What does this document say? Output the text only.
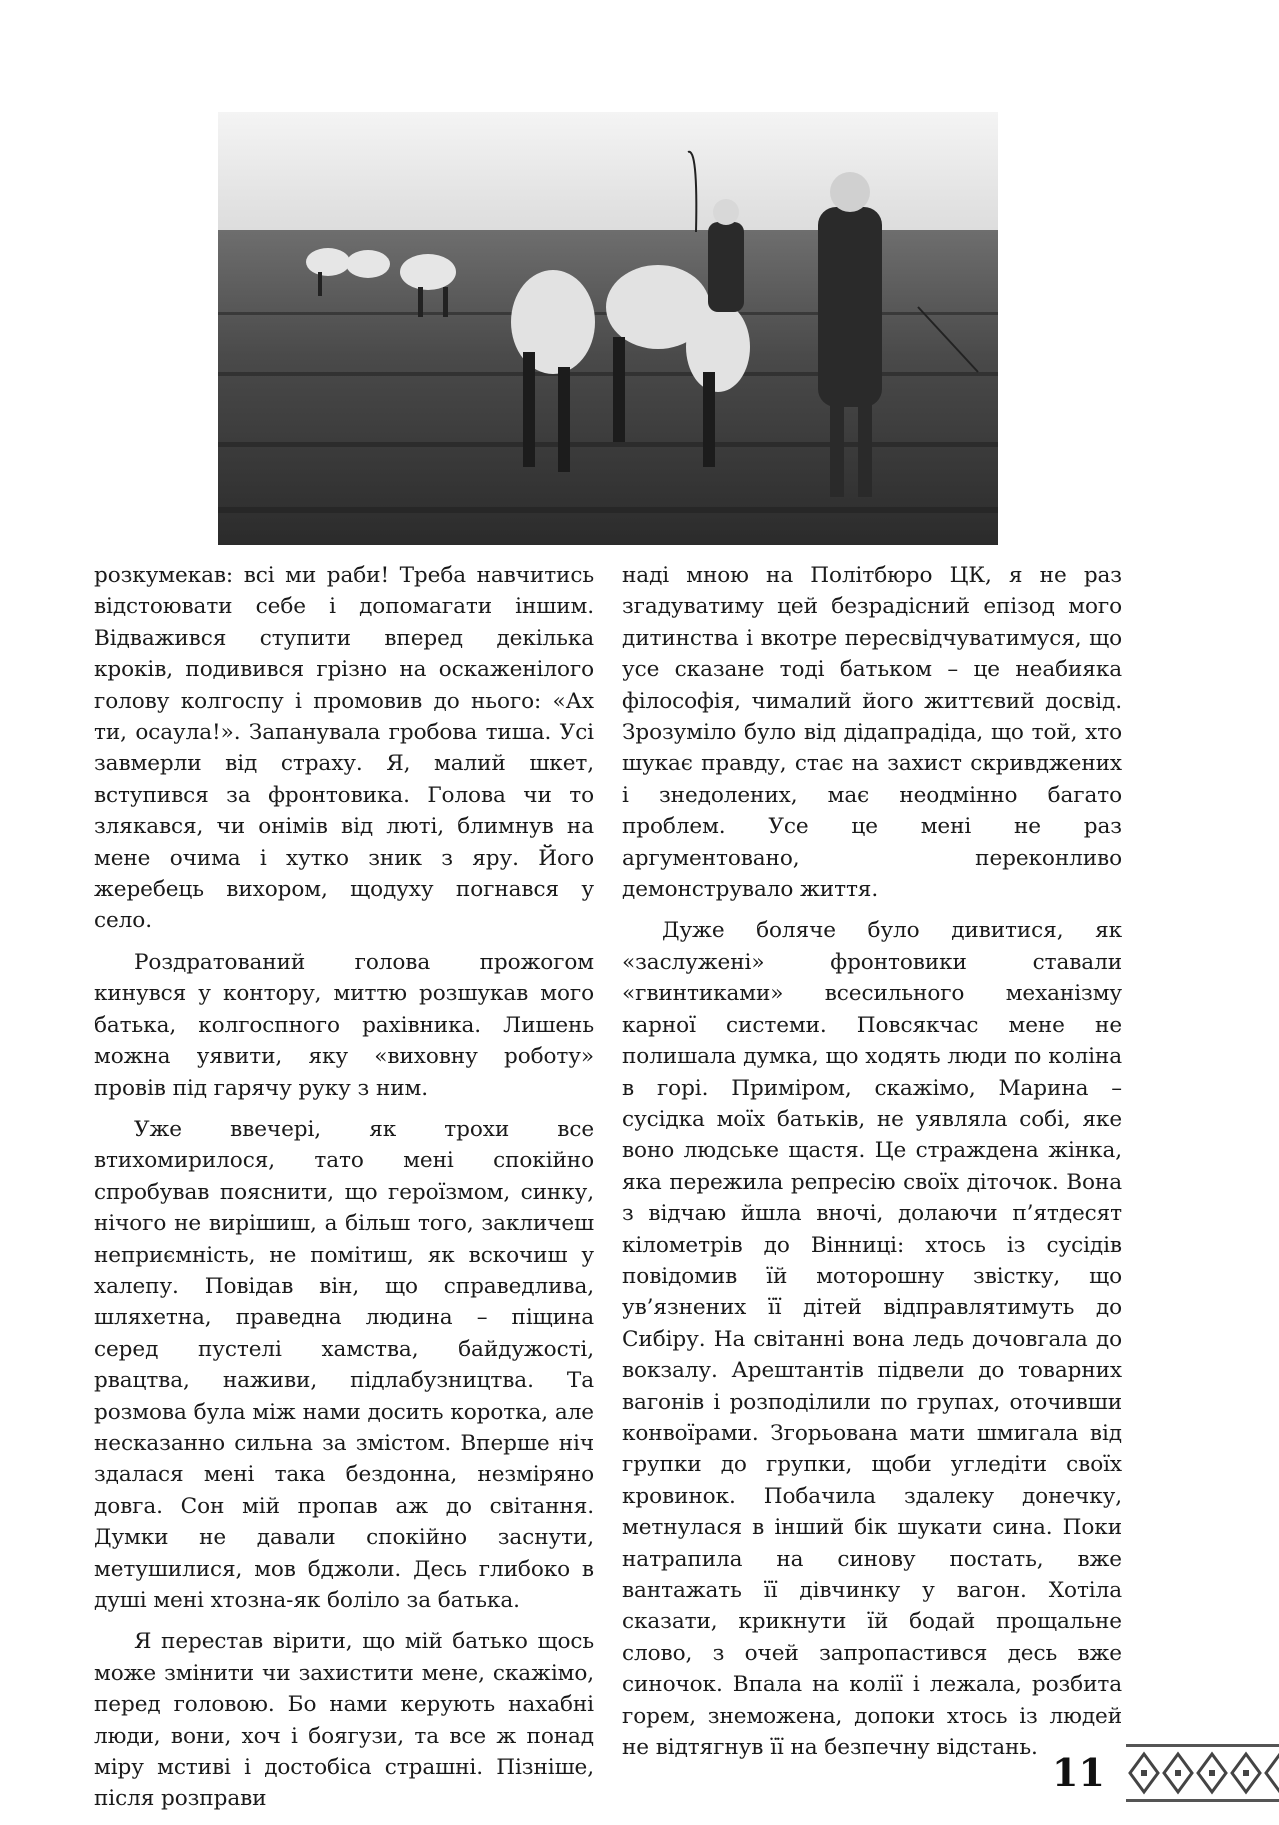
розкумекав: всі ми раби! Треба навчитись відстоювати себе і допомагати іншим. Відважився ступити вперед декілька кроків, подивився грізно на оскаженілого голову колгоспу і промовив до нього: «Ах ти, осаула!». Запанувала гробова тиша. Усі завмерли від страху. Я, малий шкет, вступився за фронтовика. Голова чи то злякався, чи онімів від люті, блимнув на мене очима і хутко зник з яру. Його жеребець вихором, щодуху погнався у село.

Роздратований голова прожогом кинувся у контору, миттю розшукав мого батька, колгоспного рахівника. Лишень можна уявити, яку «виховну роботу» провів під гарячу руку з ним.

Уже ввечері, як трохи все втихомирилося, тато мені спокійно спробував пояснити, що героїзмом, синку, нічого не вирішиш, а більш того, закличеш неприємність, не помітиш, як вскочиш у халепу. Повідав він, що справедлива, шляхетна, праведна людина – піщина серед пустелі хамства, байдужості, рвацтва, наживи, підлабузництва. Та розмова була між нами досить коротка, але несказанно сильна за змістом. Вперше ніч здалася мені така бездонна, незміряно довга. Сон мій пропав аж до світання. Думки не давали спокійно заснути, метушилися, мов бджоли. Десь глибоко в душі мені хтозна-як боліло за батька.

Я перестав вірити, що мій батько щось може змінити чи захистити мене, скажімо, перед головою. Бо нами керують нахабні люди, вони, хоч і боягузи, та все ж понад міру мстиві і достобіса страшні. Пізніше, після розправи

наді мною на Політбюро ЦК, я не раз згадуватиму цей безрадісний епізод мого дитинства і вкотре пересвідчуватимуся, що усе сказане тоді батьком – це неабияка філософія, чималий його життєвий досвід. Зрозуміло було від дідапрадіда, що той, хто шукає правду, стає на захист скривджених і знедолених, має неодмінно багато проблем. Усе це мені не раз аргументовано, переконливо демонструвало життя.

Дуже боляче було дивитися, як «заслужені» фронтовики ставали «гвинтиками» всесильного механізму карної системи. Повсякчас мене не полишала думка, що ходять люди по коліна в горі. Приміром, скажімо, Марина – сусідка моїх батьків, не уявляла собі, яке воно людське щастя. Це страждена жінка, яка пережила репресію своїх діточок. Вона з відчаю йшла вночі, долаючи п’ятдесят кілометрів до Вінниці: хтось із сусідів повідомив їй моторошну звістку, що ув’язнених її дітей відправлятимуть до Сибіру. На світанні вона ледь дочовгала до вокзалу. Арештантів підвели до товарних вагонів і розподілили по групах, оточивши конвоїрами. Згорьована мати шмигала від групки до групки, щоби угледіти своїх кровинок. Побачила здалеку донечку, метнулася в інший бік шукати сина. Поки натрапила на синову постать, вже вантажать її дівчинку у вагон. Хотіла сказати, крикнути їй бодай прощальне слово, з очей запропастився десь вже синочок. Впала на колії і лежала, розбита горем, знеможена, допоки хтось із людей не відтягнув її на безпечну відстань.

11
